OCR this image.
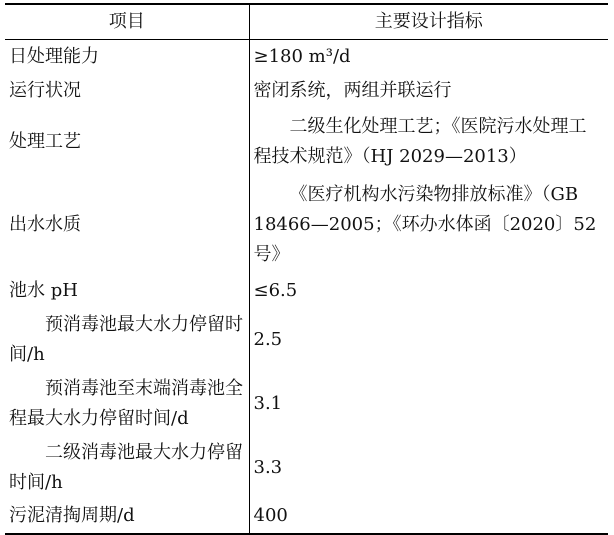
项目	主要设计指标
日处理能力	≥180 m³/d
运行状况	密闭系统，两组并联运行
处理工艺	二级生化处理工艺；《医院污水处理工程技术规范》（HJ 2029—2013）
出水水质	《医疗机构水污染物排放标准》（GB 18466—2005；《环办水体函〔2020〕52号》
池水 pH	≤6.5
预消毒池最大水力停留时间/h	2.5
预消毒池至末端消毒池全程最大水力停留时间/d	3.1
二级消毒池最大水力停留时间/h	3.3
污泥清掏周期/d	400
